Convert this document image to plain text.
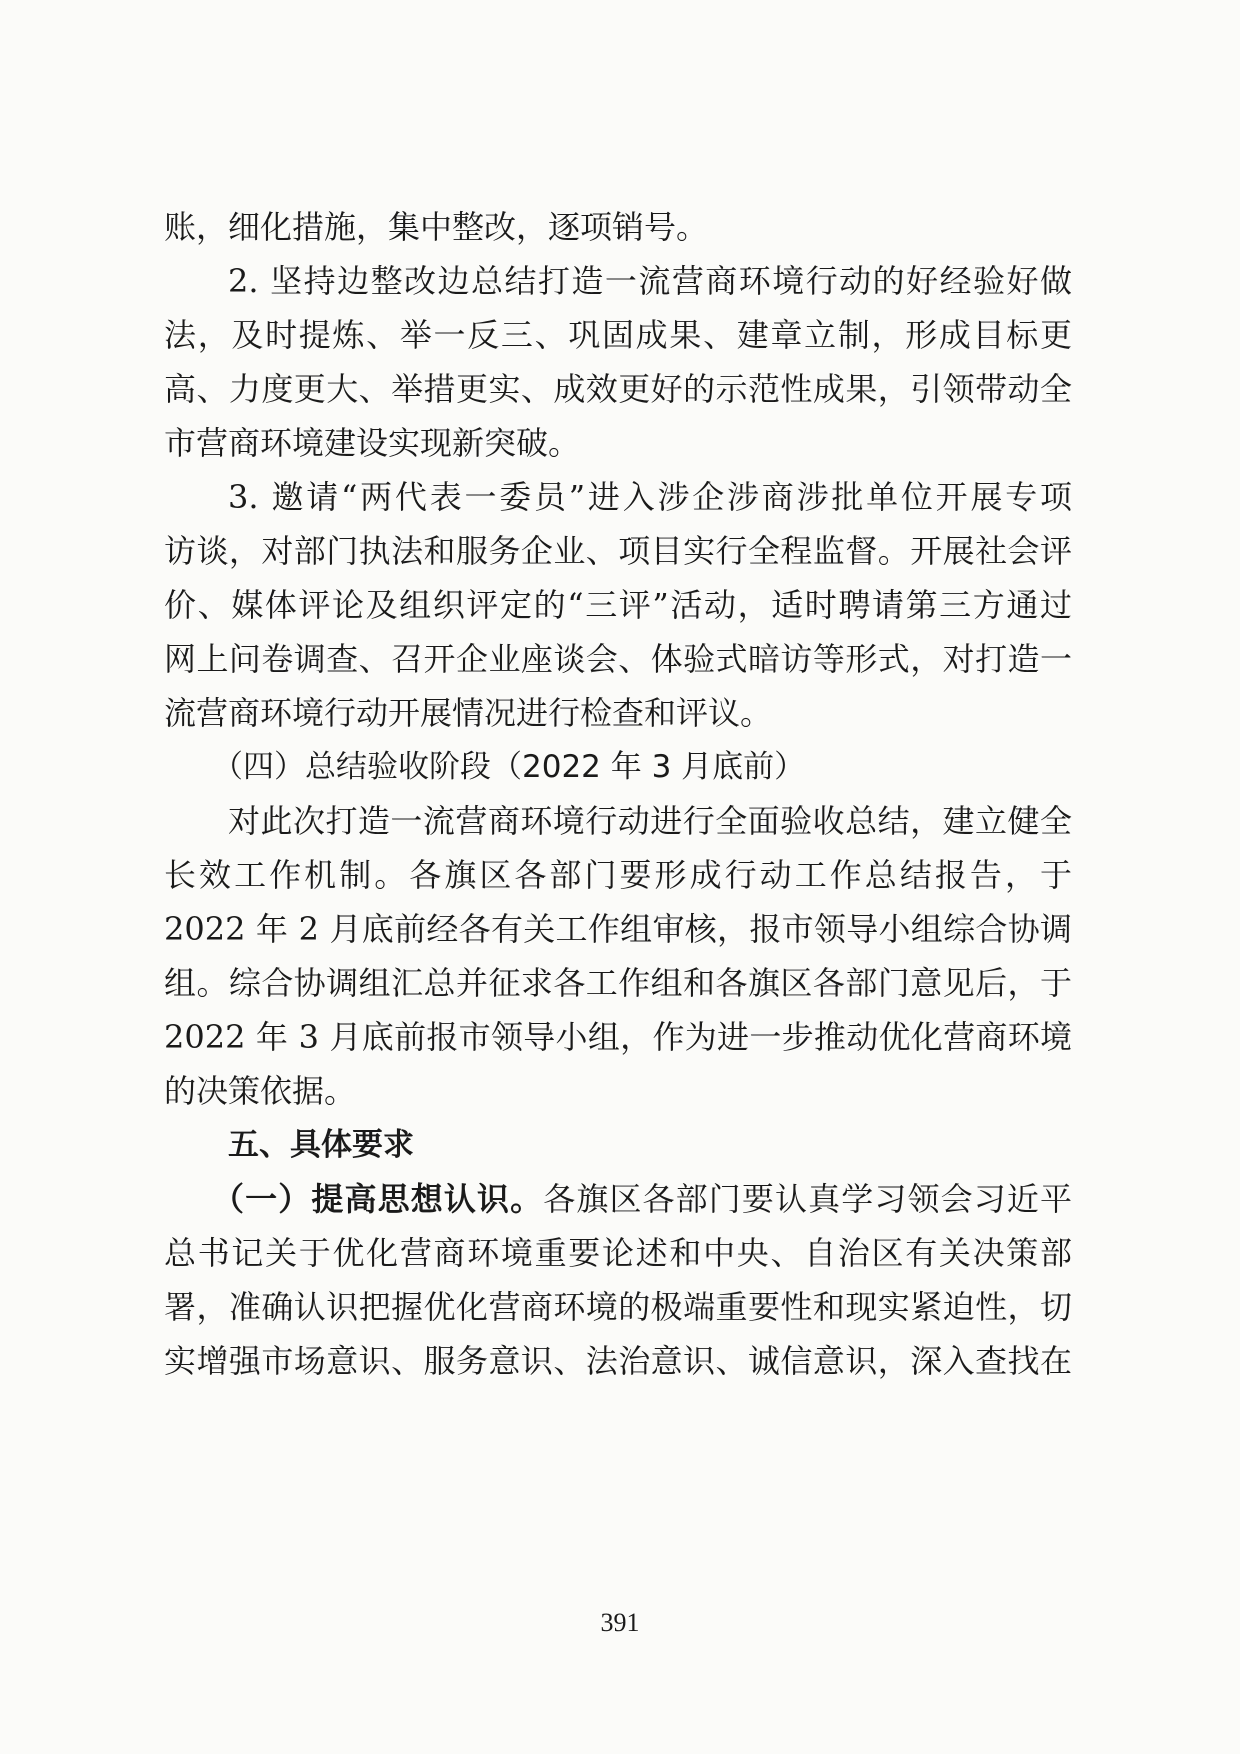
账，细化措施，集中整改，逐项销号。
2. 坚持边整改边总结打造一流营商环境行动的好经验好做
法，及时提炼、举一反三、巩固成果、建章立制，形成目标更
高、力度更大、举措更实、成效更好的示范性成果，引领带动全
市营商环境建设实现新突破。
3. 邀请“两代表一委员”进入涉企涉商涉批单位开展专项
访谈，对部门执法和服务企业、项目实行全程监督。开展社会评
价、媒体评论及组织评定的“三评”活动，适时聘请第三方通过
网上问卷调查、召开企业座谈会、体验式暗访等形式，对打造一
流营商环境行动开展情况进行检查和评议。
（四）总结验收阶段（2022 年 3 月底前）
对此次打造一流营商环境行动进行全面验收总结，建立健全
长效工作机制。各旗区各部门要形成行动工作总结报告，于
2022 年 2 月底前经各有关工作组审核，报市领导小组综合协调
组。综合协调组汇总并征求各工作组和各旗区各部门意见后，于
2022 年 3 月底前报市领导小组，作为进一步推动优化营商环境
的决策依据。
五、具体要求
（一）提高思想认识。各旗区各部门要认真学习领会习近平
总书记关于优化营商环境重要论述和中央、自治区有关决策部
署，准确认识把握优化营商环境的极端重要性和现实紧迫性，切
实增强市场意识、服务意识、法治意识、诚信意识，深入查找在
391
